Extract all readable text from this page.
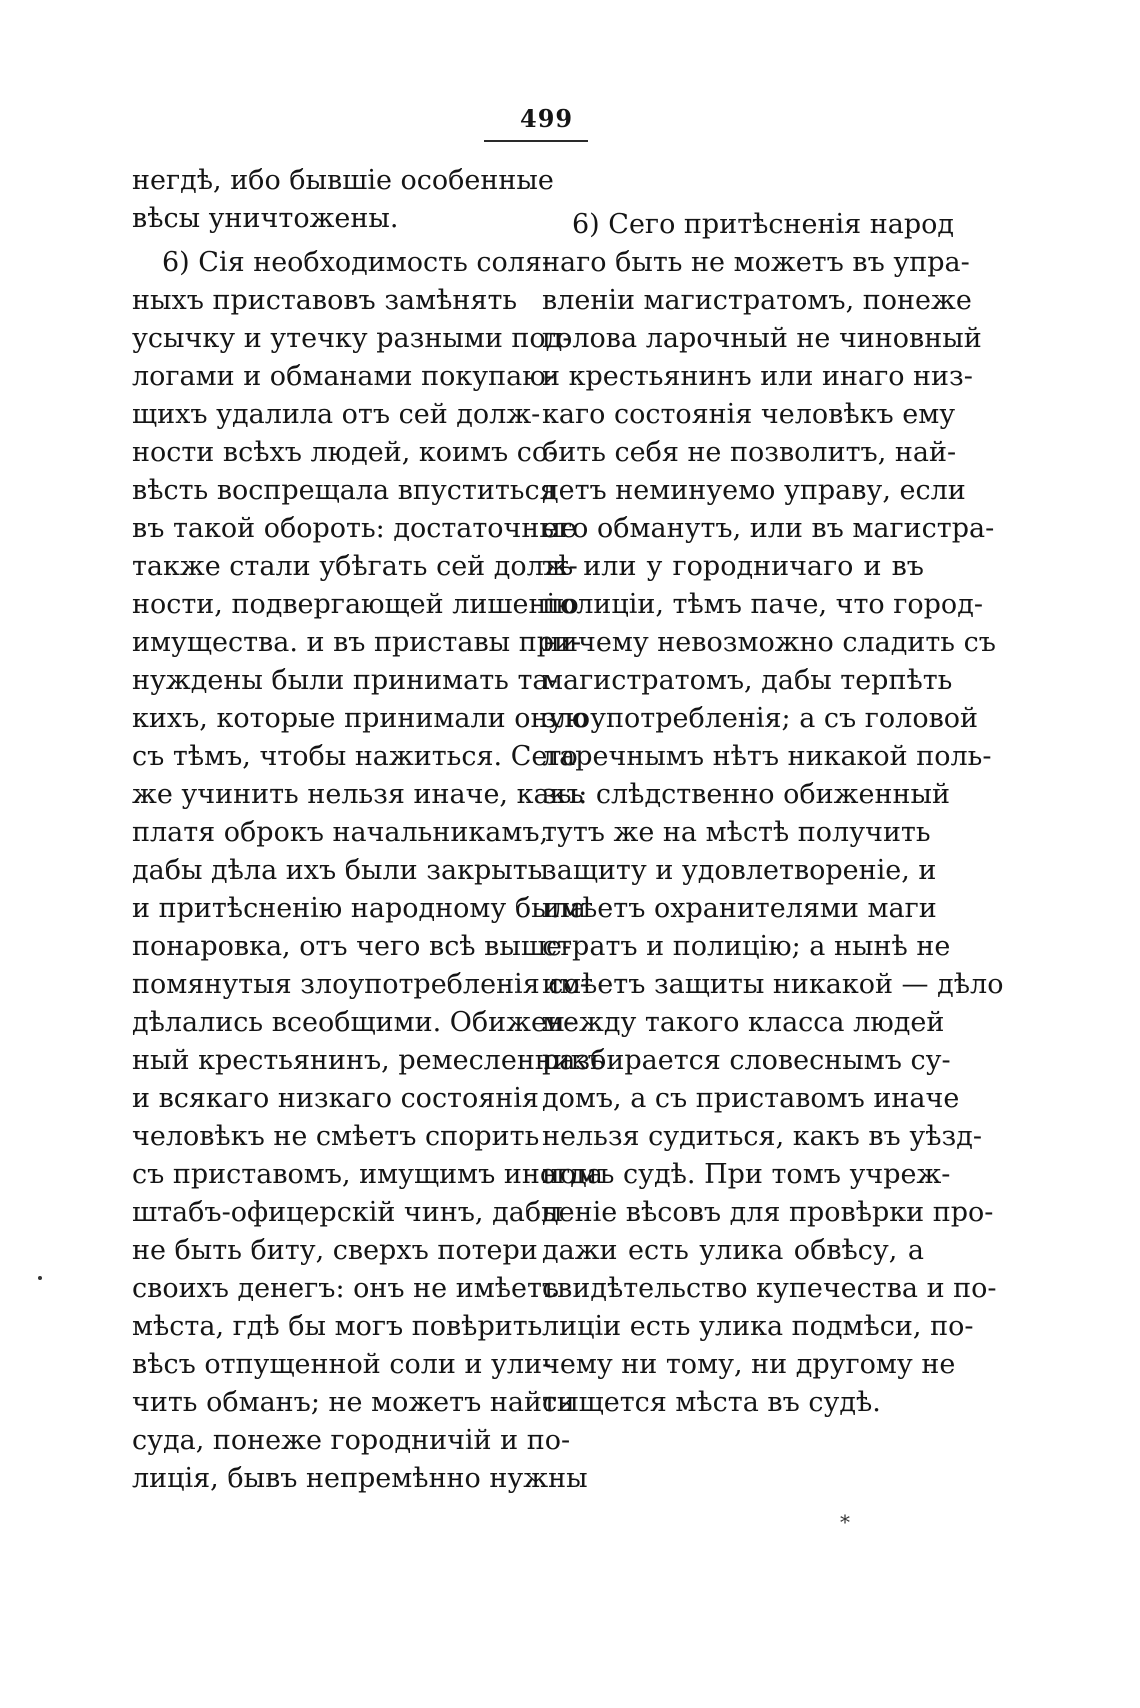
499
негдѣ, ибо бывшіе особенные
вѣсы уничтожены.
6) Сія необходимость соля-
ныхъ приставовъ замѣнять
усычку и утечку разными под-
логами и обманами покупаю-
щихъ удалила отъ сей долж-
ности всѣхъ людей, коимъ со-
вѣсть воспрещала впуститься
въ такой обороть: достаточные
также стали убѣгать сей долж-
ности, подвергающей лишенію
имущества. и въ приставы при-
нуждены были принимать та-
кихъ, которые принимали оную
съ тѣмъ, чтобы нажиться. Сего
же учинить нельзя иначе, какъ
платя оброкъ начальникамъ,
дабы дѣла ихъ были закрыты
и притѣсненію народному была
понаровка, отъ чего всѣ выше-
помянутыя злоупотребленія со-
дѣлались всеобщими. Обижен-
ный крестьянинъ, ремесленникъ
и всякаго низкаго состоянія
человѣкъ не смѣетъ спорить
съ приставомъ, имущимъ иногда
штабъ-офицерскій чинъ, дабы
не быть биту, сверхъ потери
своихъ денегъ: онъ не имѣетъ
мѣста, гдѣ бы могъ повѣрить
вѣсъ отпущенной соли и ули-
чить обманъ; не можетъ найти
суда, понеже городничій и по-
лиція, бывъ непремѣнно нужны
6) Сего притѣсненія народ
наго быть не можетъ въ упра-
вленіи магистратомъ, понеже
голова ларочный не чиновный
и крестьянинъ или инаго низ-
каго состоянія человѣкъ ему
бить себя не позволитъ, най-
детъ неминуемо управу, если
его обманутъ, или въ магистра-
тѣ или у городничаго и въ
полиціи, тѣмъ паче, что город-
ничему невозможно сладить съ
магистратомъ, дабы терпѣть
злоупотребленія; а съ головой
ларечнымъ нѣтъ никакой поль-
зы: слѣдственно обиженный
тутъ же на мѣстѣ получить
защиту и удовлетвореніе, и
имѣетъ охранителями маги
стратъ и полицію; а нынѣ не
имѣетъ защиты никакой — дѣло
между такого класса людей
разбирается словеснымъ су-
домъ, а съ приставомъ иначе
нельзя судиться, какъ въ уѣзд-
номъ судѣ. При томъ учреж-
деніе вѣсовъ для провѣрки про-
дажи есть улика обвѣсу, а
свидѣтельство купечества и по-
лиціи есть улика подмѣси, по-
чему ни тому, ни другому не
сыщется мѣста въ судѣ.
*
